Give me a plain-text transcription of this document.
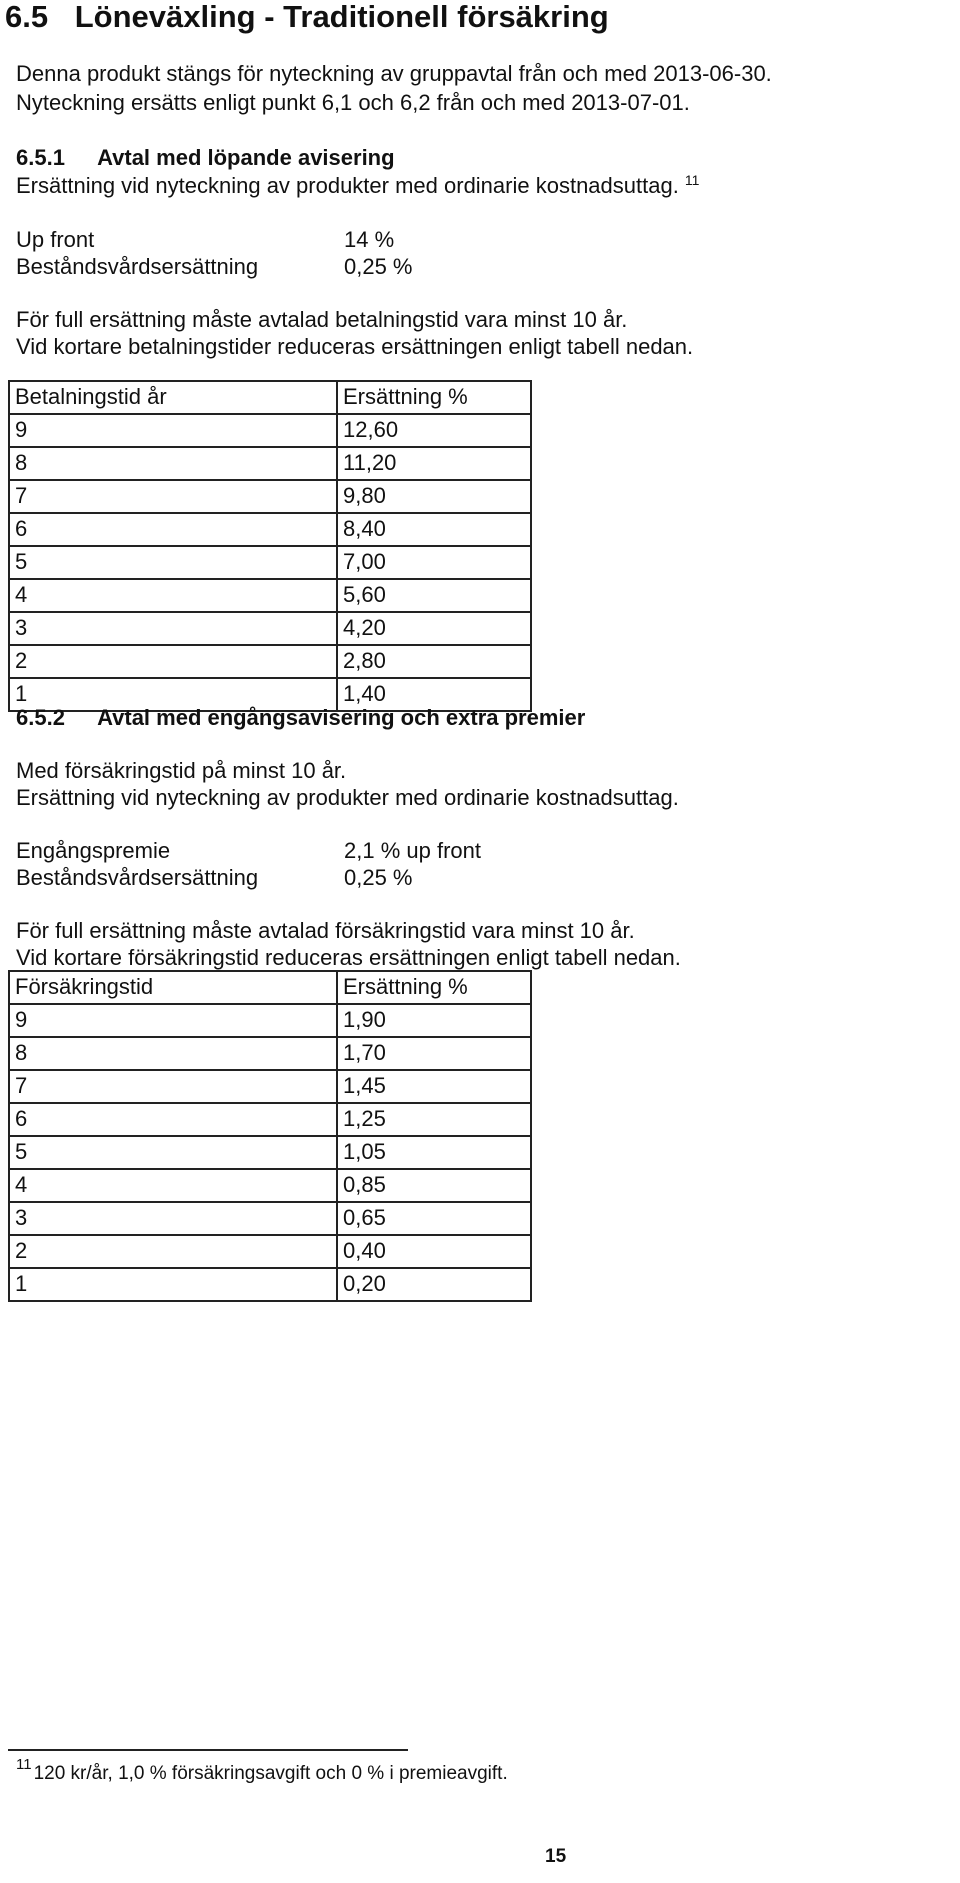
6.5 Löneväxling - Traditionell försäkring
Denna produkt stängs för nyteckning av gruppavtal från och med 2013-06-30.
Nyteckning ersätts enligt punkt 6,1 och 6,2 från och med 2013-07-01.
6.5.1 Avtal med löpande avisering
Ersättning vid nyteckning av produkter med ordinarie kostnadsuttag. $^{11}$
Up front	14 %
Beståndsvårdsersättning	0,25 %
För full ersättning måste avtalad betalningstid vara minst 10 år.
Vid kortare betalningstider reduceras ersättningen enligt tabell nedan.
Betalningstid år	Ersättning %
9	12,60
8	11,20
7	9,80
6	8,40
5	7,00
4	5,60
3	4,20
2	2,80
1	1,40
6.5.2 Avtal med engångsavisering och extra premier
Med försäkringstid på minst 10 år.
Ersättning vid nyteckning av produkter med ordinarie kostnadsuttag.
Engångspremie	2,1 % up front
Beståndsvårdsersättning	0,25 %
För full ersättning måste avtalad försäkringstid vara minst 10 år.
Vid kortare försäkringstid reduceras ersättningen enligt tabell nedan.
Försäkringstid	Ersättning %
9	1,90
8	1,70
7	1,45
6	1,25
5	1,05
4	0,85
3	0,65
2	0,40
1	0,20
$^{11}$ 120 kr/år, 1,0 % försäkringsavgift och 0 % i premieavgift.
15
